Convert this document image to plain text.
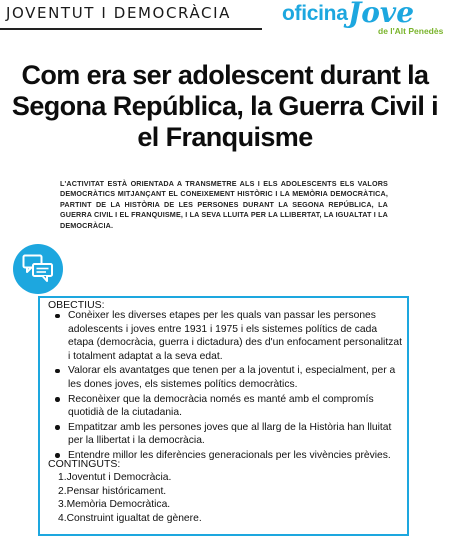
JOVENTUT I DEMOCRÀCIA oficina Jove
de l'Alt Penedès
Com era ser adolescent durant la Segona República, la Guerra Civil i el Franquisme

L'ACTIVITAT ESTÀ ORIENTADA A TRANSMETRE ALS I ELS ADOLESCENTS ELS VALORS DEMOCRÀTICS MITJANÇANT EL CONEIXEMENT HISTÒRIC I LA MEMÒRIA DEMOCRÀTICA, PARTINT DE LA HISTÒRIA DE LES PERSONES DURANT LA SEGONA REPÚBLICA, LA GUERRA CIVIL I EL FRANQUISME, I LA SEVA LLUITA PER LA LLIBERTAT, LA IGUALTAT I LA DEMOCRÀCIA.

OBECTIUS:
Conèixer les diverses etapes per les quals van passar les persones adolescents i joves entre 1931 i 1975 i els sistemes polítics de cada etapa (democràcia, guerra i dictadura) des d'un enfocament personalitzat i totalment adaptat a la seva edat.
Valorar els avantatges que tenen per a la joventut i, especialment, per a les dones joves, els sistemes polítics democràtics.
Reconèixer que la democràcia només es manté amb el compromís quotidià de la ciutadania.
Empatitzar amb les persones joves que al llarg de la Història han lluitat per la llibertat i la democràcia.
Entendre millor les diferències generacionals per les vivències prèvies.
CONTINGUTS:
1.Joventut i Democràcia.
2.Pensar históricament.
3.Memòria Democràtica.
4.Construint igualtat de gènere.
